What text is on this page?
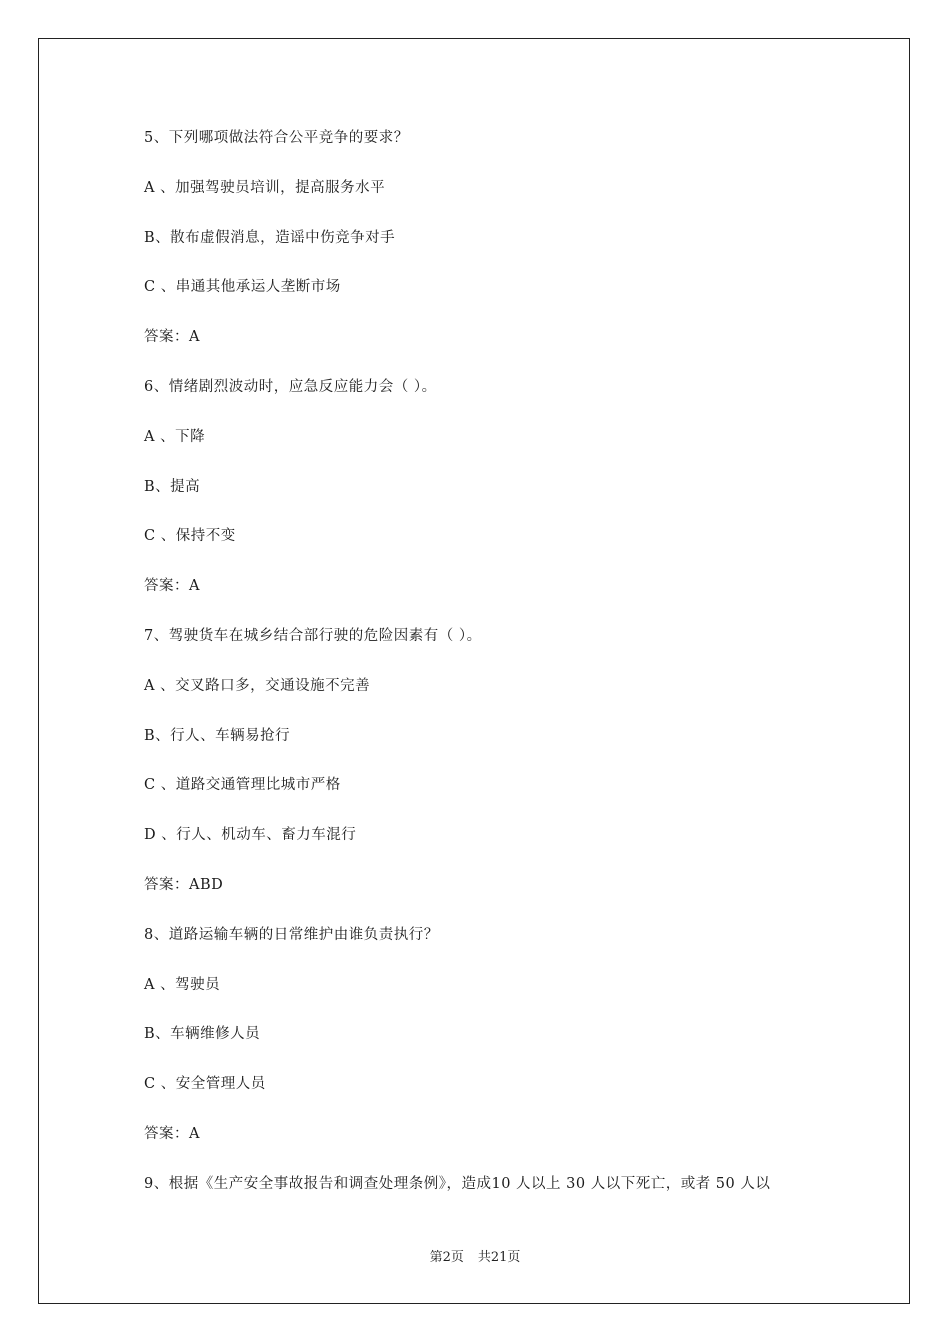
5、下列哪项做法符合公平竞争的要求？
A 、加强驾驶员培训，提高服务水平
B、散布虚假消息，造谣中伤竞争对手
C 、串通其他承运人垄断市场
答案：A
6、情绪剧烈波动时，应急反应能力会（ ）。
A 、下降
B、提高
C 、保持不变
答案：A
7、驾驶货车在城乡结合部行驶的危险因素有（ ）。
A 、交叉路口多，交通设施不完善
B、行人、车辆易抢行
C 、道路交通管理比城市严格
D 、行人、机动车、畜力车混行
答案：ABD
8、道路运输车辆的日常维护由谁负责执行？
A 、驾驶员
B、车辆维修人员
C 、安全管理人员
答案：A
9、根据《生产安全事故报告和调查处理条例》，造成10 人以上 30 人以下死亡，或者 50 人以
第2页 共21页
